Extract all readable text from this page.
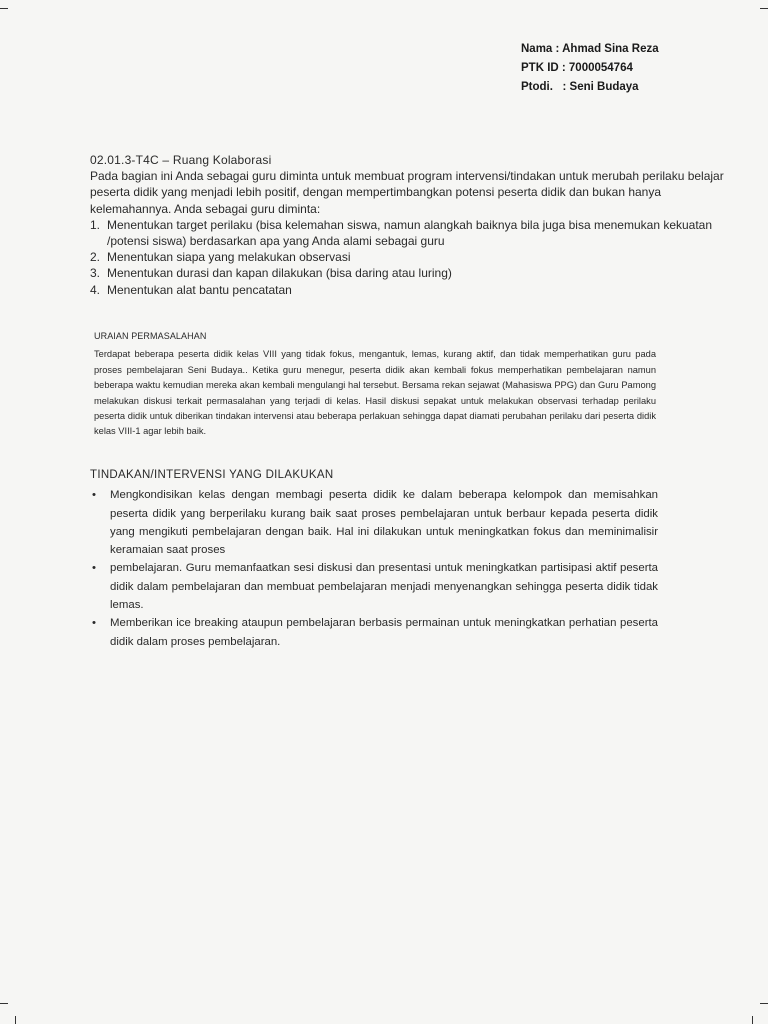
Nama : Ahmad Sina Reza
PTK ID : 7000054764
Ptodi.   : Seni Budaya
02.01.3-T4C – Ruang Kolaborasi

Pada bagian ini Anda sebagai guru diminta untuk membuat program intervensi/tindakan untuk merubah perilaku belajar peserta didik yang menjadi lebih positif, dengan mempertimbangkan potensi peserta didik dan bukan hanya kelemahannya. Anda sebagai guru diminta:

1. Menentukan target perilaku (bisa kelemahan siswa, namun alangkah baiknya bila juga bisa menemukan kekuatan /potensi siswa) berdasarkan apa yang Anda alami sebagai guru
2. Menentukan siapa yang melakukan observasi
3. Menentukan durasi dan kapan dilakukan (bisa daring atau luring)
4. Menentukan alat bantu pencatatan
URAIAN PERMASALAHAN

Terdapat beberapa peserta didik kelas VIII yang tidak fokus, mengantuk, lemas, kurang aktif, dan tidak memperhatikan guru pada proses pembelajaran Seni Budaya.. Ketika guru menegur, peserta didik akan kembali fokus memperhatikan pembelajaran namun beberapa waktu kemudian mereka akan kembali mengulangi hal tersebut. Bersama rekan sejawat (Mahasiswa PPG) dan Guru Pamong melakukan diskusi terkait permasalahan yang terjadi di kelas. Hasil diskusi sepakat untuk melakukan observasi terhadap perilaku peserta didik untuk diberikan tindakan intervensi atau beberapa perlakuan sehingga dapat diamati perubahan perilaku dari peserta didik kelas VIII-1 agar lebih baik.

TINDAKAN/INTERVENSI YANG DILAKUKAN
• Mengkondisikan kelas dengan membagi peserta didik ke dalam beberapa kelompok dan memisahkan peserta didik yang berperilaku kurang baik saat proses pembelajaran untuk berbaur kepada peserta didik yang mengikuti pembelajaran dengan baik. Hal ini dilakukan untuk meningkatkan fokus dan meminimalisir keramaian saat proses
• pembelajaran. Guru memanfaatkan sesi diskusi dan presentasi untuk meningkatkan partisipasi aktif peserta didik dalam pembelajaran dan membuat pembelajaran menjadi menyenangkan sehingga peserta didik tidak lemas.
• Memberikan ice breaking ataupun pembelajaran berbasis permainan untuk meningkatkan perhatian peserta didik dalam proses pembelajaran.
